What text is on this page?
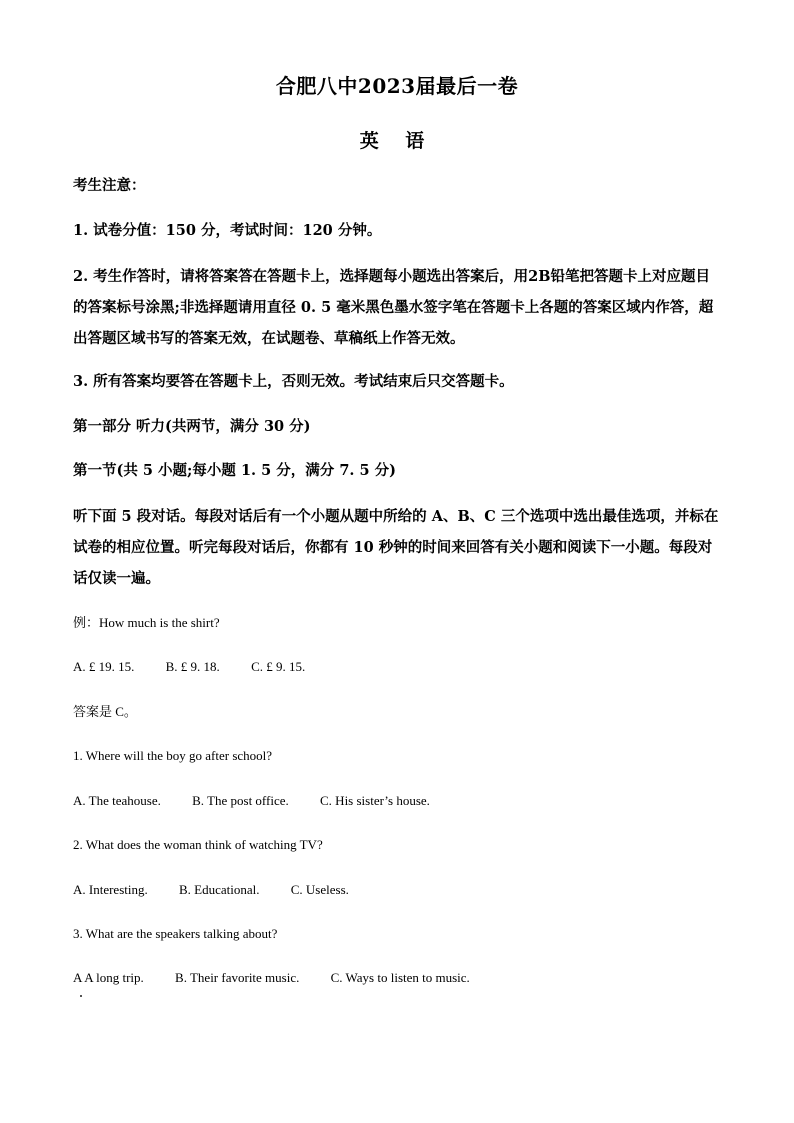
合肥八中2023届最后一卷
英 语
考生注意：
1. 试卷分值：150 分，考试时间：120 分钟。
2. 考生作答时，请将答案答在答题卡上，选择题每小题选出答案后，用2B铅笔把答题卡上对应题目的答案标号涂黑;非选择题请用直径 0. 5 毫米黑色墨水签字笔在答题卡上各题的答案区域内作答，超出答题区域书写的答案无效，在试题卷、草稿纸上作答无效。
3. 所有答案均要答在答题卡上，否则无效。考试结束后只交答题卡。
第一部分 听力(共两节，满分 30 分)
第一节(共 5 小题;每小题 1. 5 分，满分 7. 5 分)
听下面 5 段对话。每段对话后有一个小题从题中所给的 A、B、C 三个选项中选出最佳选项，并标在试卷的相应位置。听完每段对话后，你都有 10 秒钟的时间来回答有关小题和阅读下一小题。每段对话仅读一遍。
例：How much is the shirt?
A. £ 19. 15. B. £ 9. 18. C. £ 9. 15.
答案是 C。
1. Where will the boy go after school?
A. The teahouse. B. The post office. C. His sister’s house.
2. What does the woman think of watching TV?
A. Interesting. B. Educational. C. Useless.
3. What are the speakers talking about?
A A long trip. B. Their favorite music. C. Ways to listen to music.
